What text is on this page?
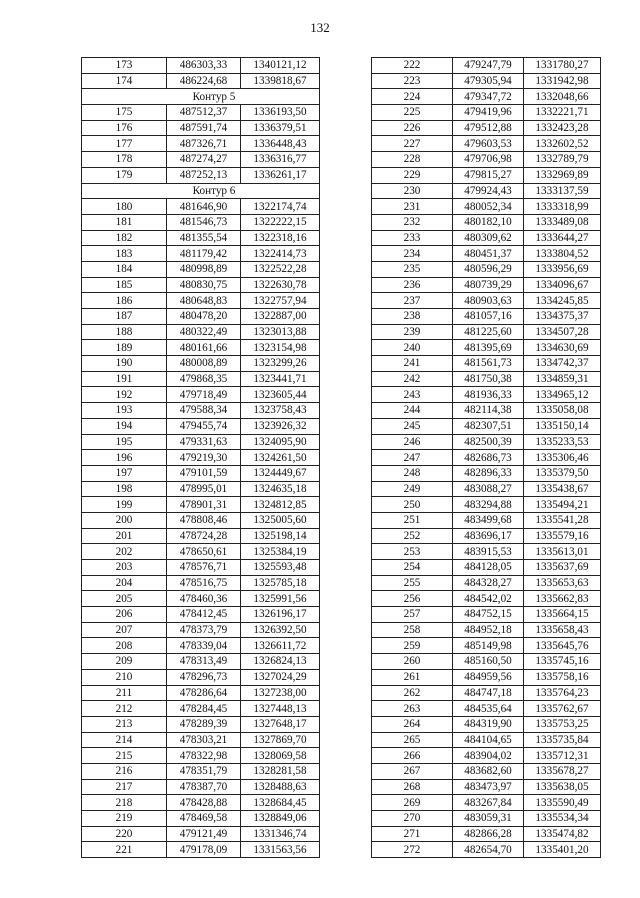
132
173	486303,33	1340121,12
174	486224,68	1339818,67
Контур 5		
175	487512,37	1336193,50
176	487591,74	1336379,51
177	487326,71	1336448,43
178	487274,27	1336316,77
179	487252,13	1336261,17
Контур 6		
180	481646,90	1322174,74
181	481546,73	1322222,15
182	481355,54	1322318,16
183	481179,42	1322414,73
184	480998,89	1322522,28
185	480830,75	1322630,78
186	480648,83	1322757,94
187	480478,20	1322887,00
188	480322,49	1323013,88
189	480161,66	1323154,98
190	480008,89	1323299,26
191	479868,35	1323441,71
192	479718,49	1323605,44
193	479588,34	1323758,43
194	479455,74	1323926,32
195	479331,63	1324095,90
196	479219,30	1324261,50
197	479101,59	1324449,67
198	478995,01	1324635,18
199	478901,31	1324812,85
200	478808,46	1325005,60
201	478724,28	1325198,14
202	478650,61	1325384,19
203	478576,71	1325593,48
204	478516,75	1325785,18
205	478460,36	1325991,56
206	478412,45	1326196,17
207	478373,79	1326392,50
208	478339,04	1326611,72
209	478313,49	1326824,13
210	478296,73	1327024,29
211	478286,64	1327238,00
212	478284,45	1327448,13
213	478289,39	1327648,17
214	478303,21	1327869,70
215	478322,98	1328069,58
216	478351,79	1328281,58
217	478387,70	1328488,63
218	478428,88	1328684,45
219	478469,58	1328849,06
220	479121,49	1331346,74
221	479178,09	1331563,56
222	479247,79	1331780,27
223	479305,94	1331942,98
224	479347,72	1332048,66
225	479419,96	1332221,71
226	479512,88	1332423,28
227	479603,53	1332602,52
228	479706,98	1332789,79
229	479815,27	1332969,89
230	479924,43	1333137,59
231	480052,34	1333318,99
232	480182,10	1333489,08
233	480309,62	1333644,27
234	480451,37	1333804,52
235	480596,29	1333956,69
236	480739,29	1334096,67
237	480903,63	1334245,85
238	481057,16	1334375,37
239	481225,60	1334507,28
240	481395,69	1334630,69
241	481561,73	1334742,37
242	481750,38	1334859,31
243	481936,33	1334965,12
244	482114,38	1335058,08
245	482307,51	1335150,14
246	482500,39	1335233,53
247	482686,73	1335306,46
248	482896,33	1335379,50
249	483088,27	1335438,67
250	483294,88	1335494,21
251	483499,68	1335541,28
252	483696,17	1335579,16
253	483915,53	1335613,01
254	484128,05	1335637,69
255	484328,27	1335653,63
256	484542,02	1335662,83
257	484752,15	1335664,15
258	484952,18	1335658,43
259	485149,98	1335645,76
260	485160,50	1335745,16
261	484959,56	1335758,16
262	484747,18	1335764,23
263	484535,64	1335762,67
264	484319,90	1335753,25
265	484104,65	1335735,84
266	483904,02	1335712,31
267	483682,60	1335678,27
268	483473,97	1335638,05
269	483267,84	1335590,49
270	483059,31	1335534,34
271	482866,28	1335474,82
272	482654,70	1335401,20
